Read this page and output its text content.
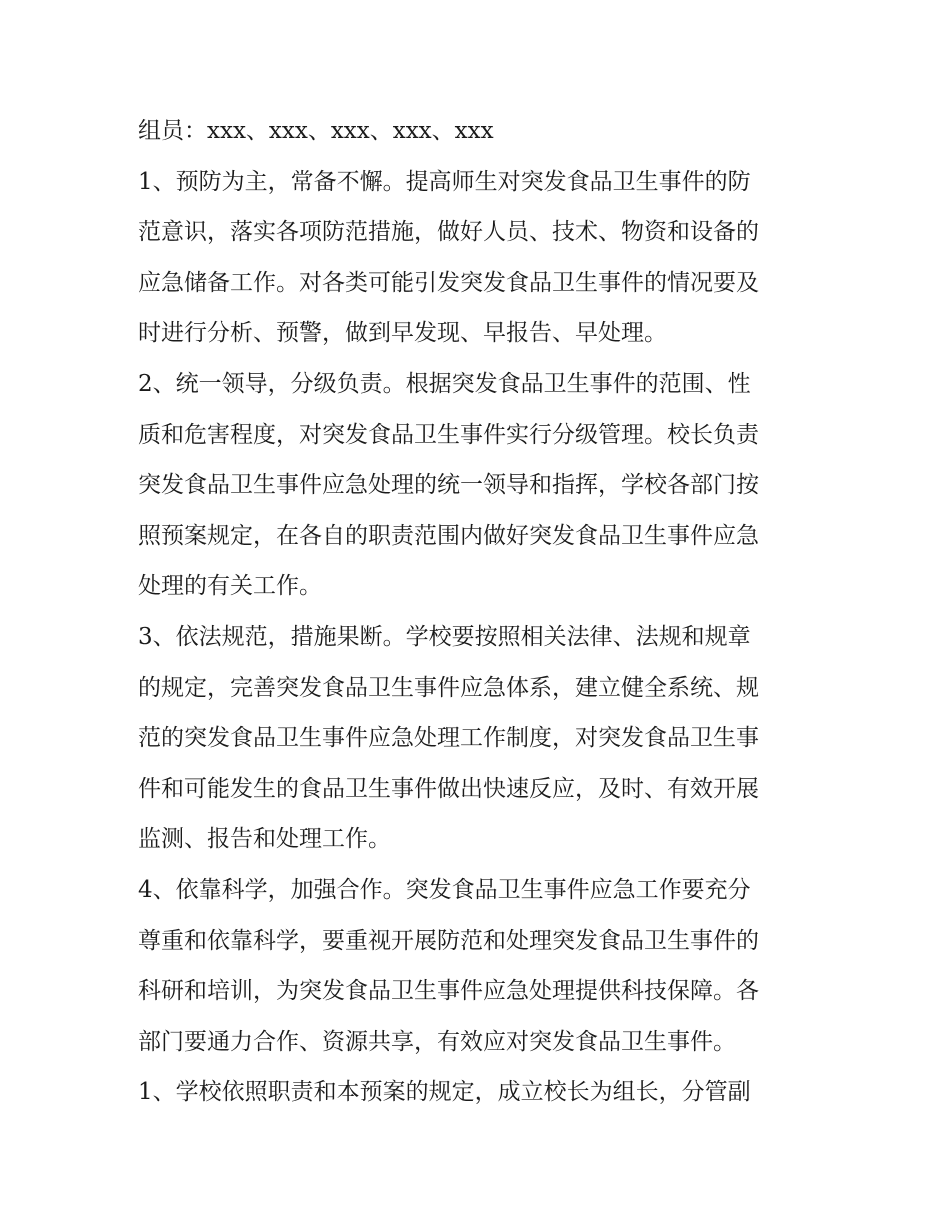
组员：xxx、xxx、xxx、xxx、xxx
1、预防为主，常备不懈。提高师生对突发食品卫生事件的防
范意识，落实各项防范措施，做好人员、技术、物资和设备的
应急储备工作。对各类可能引发突发食品卫生事件的情况要及
时进行分析、预警，做到早发现、早报告、早处理。
2、统一领导，分级负责。根据突发食品卫生事件的范围、性
质和危害程度，对突发食品卫生事件实行分级管理。校长负责
突发食品卫生事件应急处理的统一领导和指挥，学校各部门按
照预案规定，在各自的职责范围内做好突发食品卫生事件应急
处理的有关工作。
3、依法规范，措施果断。学校要按照相关法律、法规和规章
的规定，完善突发食品卫生事件应急体系，建立健全系统、规
范的突发食品卫生事件应急处理工作制度，对突发食品卫生事
件和可能发生的食品卫生事件做出快速反应，及时、有效开展
监测、报告和处理工作。
4、依靠科学，加强合作。突发食品卫生事件应急工作要充分
尊重和依靠科学，要重视开展防范和处理突发食品卫生事件的
科研和培训，为突发食品卫生事件应急处理提供科技保障。各
部门要通力合作、资源共享，有效应对突发食品卫生事件。
1、学校依照职责和本预案的规定，成立校长为组长，分管副
